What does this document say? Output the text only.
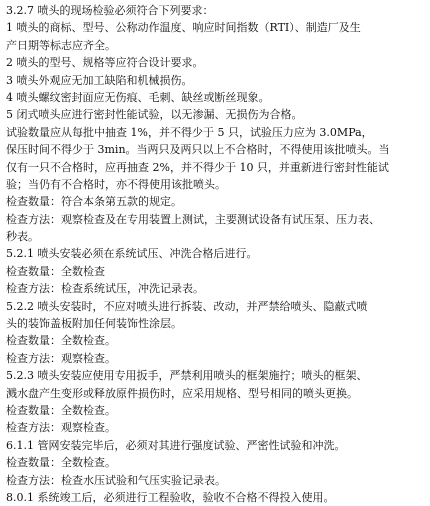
3.2.7 喷头的现场检验必须符合下列要求：
1 喷头的商标、型号、公称动作温度、响应时间指数（RTI）、制造厂及生
产日期等标志应齐全。
2 喷头的型号、规格等应符合设计要求。
3 喷头外观应无加工缺陷和机械损伤。
4 喷头螺纹密封面应无伤痕、毛刺、缺丝或断丝现象。
5 闭式喷头应进行密封性能试验，以无渗漏、无损伤为合格。
试验数量应从每批中抽查 1%，并不得少于 5 只，试验压力应为 3.0MPa，
保压时间不得少于 3min。当两只及两只以上不合格时，不得使用该批喷头。当
仅有一只不合格时，应再抽查 2%，并不得少于 10 只，并重新进行密封性能试
验；当仍有不合格时，亦不得使用该批喷头。
检查数量：符合本条第五款的规定。
检查方法：观察检查及在专用装置上测试，主要测试设备有试压泵、压力表、
秒表。
5.2.1 喷头安装必须在系统试压、冲洗合格后进行。
检查数量：全数检查
检查方法：检查系统试压，冲洗记录表。
5.2.2 喷头安装时，不应对喷头进行拆装、改动，并严禁给喷头、隐蔽式喷
头的装饰盖板附加任何装饰性涂层。
检查数量：全数检查。
检查方法：观察检查。
5.2.3 喷头安装应使用专用扳手，严禁利用喷头的框架施拧；喷头的框架、
溅水盘产生变形或释放原件损伤时，应采用规格、型号相同的喷头更换。
检查数量：全数检查。
检查方法：观察检查。
6.1.1 管网安装完毕后，必须对其进行强度试验、严密性试验和冲洗。
检查数量：全数检查。
检查方法：检查水压试验和气压实验记录表。
8.0.1 系统竣工后，必须进行工程验收，验收不合格不得投入使用。
